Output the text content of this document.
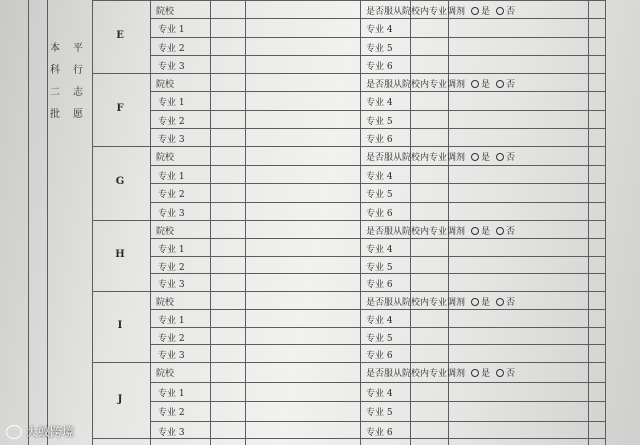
E
院校	是否服从院校内专业调剂 是 否
专业 1	专业 4
专业 2	专业 5
专业 3	专业 6
F
院校	是否服从院校内专业调剂 是 否
专业 1	专业 4
专业 2	专业 5
专业 3	专业 6
G
院校	是否服从院校内专业调剂 是 否
专业 1	专业 4
专业 2	专业 5
专业 3	专业 6
H
院校	是否服从院校内专业调剂 是 否
专业 1	专业 4
专业 2	专业 5
专业 3	专业 6
I
院校	是否服从院校内专业调剂 是 否
专业 1	专业 4
专业 2	专业 5
专业 3	专业 6
J
院校	是否服从院校内专业调剂 是 否
专业 1	专业 4
专业 2	专业 5
专业 3	专业 6
本
科
二
批
平
行
志
愿
大蚁跨境
